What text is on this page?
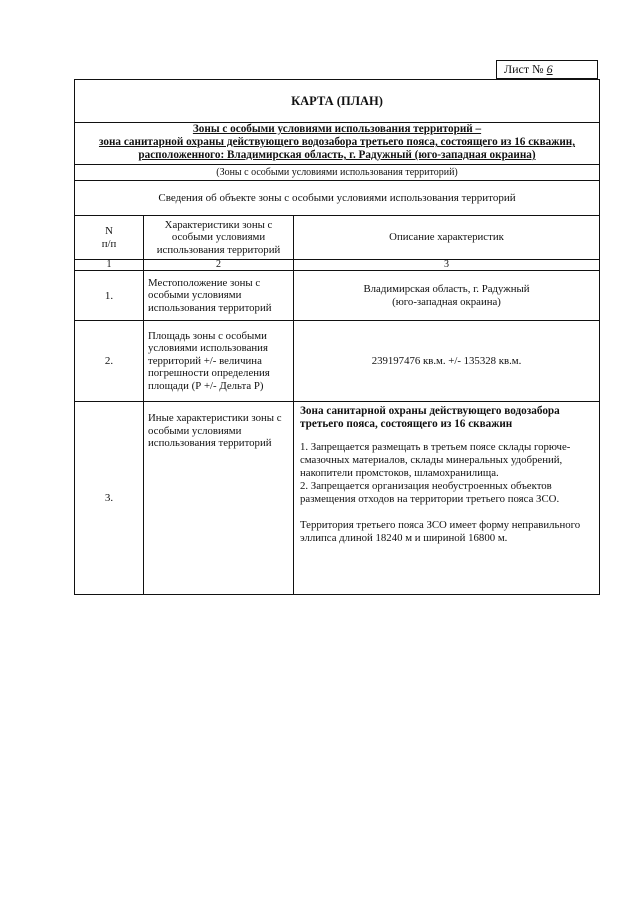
Лист № 6
КАРТА (ПЛАН)		
Зоны с особыми условиями использования территорий –
зона санитарной охраны действующего водозабора третьего пояса, состоящего из 16 скважин,
расположенного: Владимирская область, г. Радужный (юго-западная окраина)
(Зоны с особыми условиями использования территорий)		

Сведения об объекте зоны с особыми условиями использования территорий		
N
п/п	Характеристики зоны с особыми условиями использования территорий	Описание характеристик
1	2	3
1.	Местоположение зоны с особыми условиями использования территорий	Владимирская область, г. Радужный
(юго-западная окраина)
2.	Площадь зоны с особыми условиями использования территорий +/- величина погрешности определения площади (Р +/- Дельта Р)	239197476 кв.м. +/- 135328 кв.м.
3.	Иные характеристики зоны с особыми условиями использования территорий	Зона санитарной охраны действующего водозабора третьего пояса, состоящего из 16 скважин

1. Запрещается размещать в третьем поясе склады горюче-смазочных материалов, склады минеральных удобрений, накопители промстоков, шламохранилища.

2. Запрещается организация необустроенных объектов размещения отходов на территории третьего пояса ЗСО.

Территория третьего пояса ЗСО имеет форму неправильного эллипса длиной 18240 м и шириной 16800 м.
